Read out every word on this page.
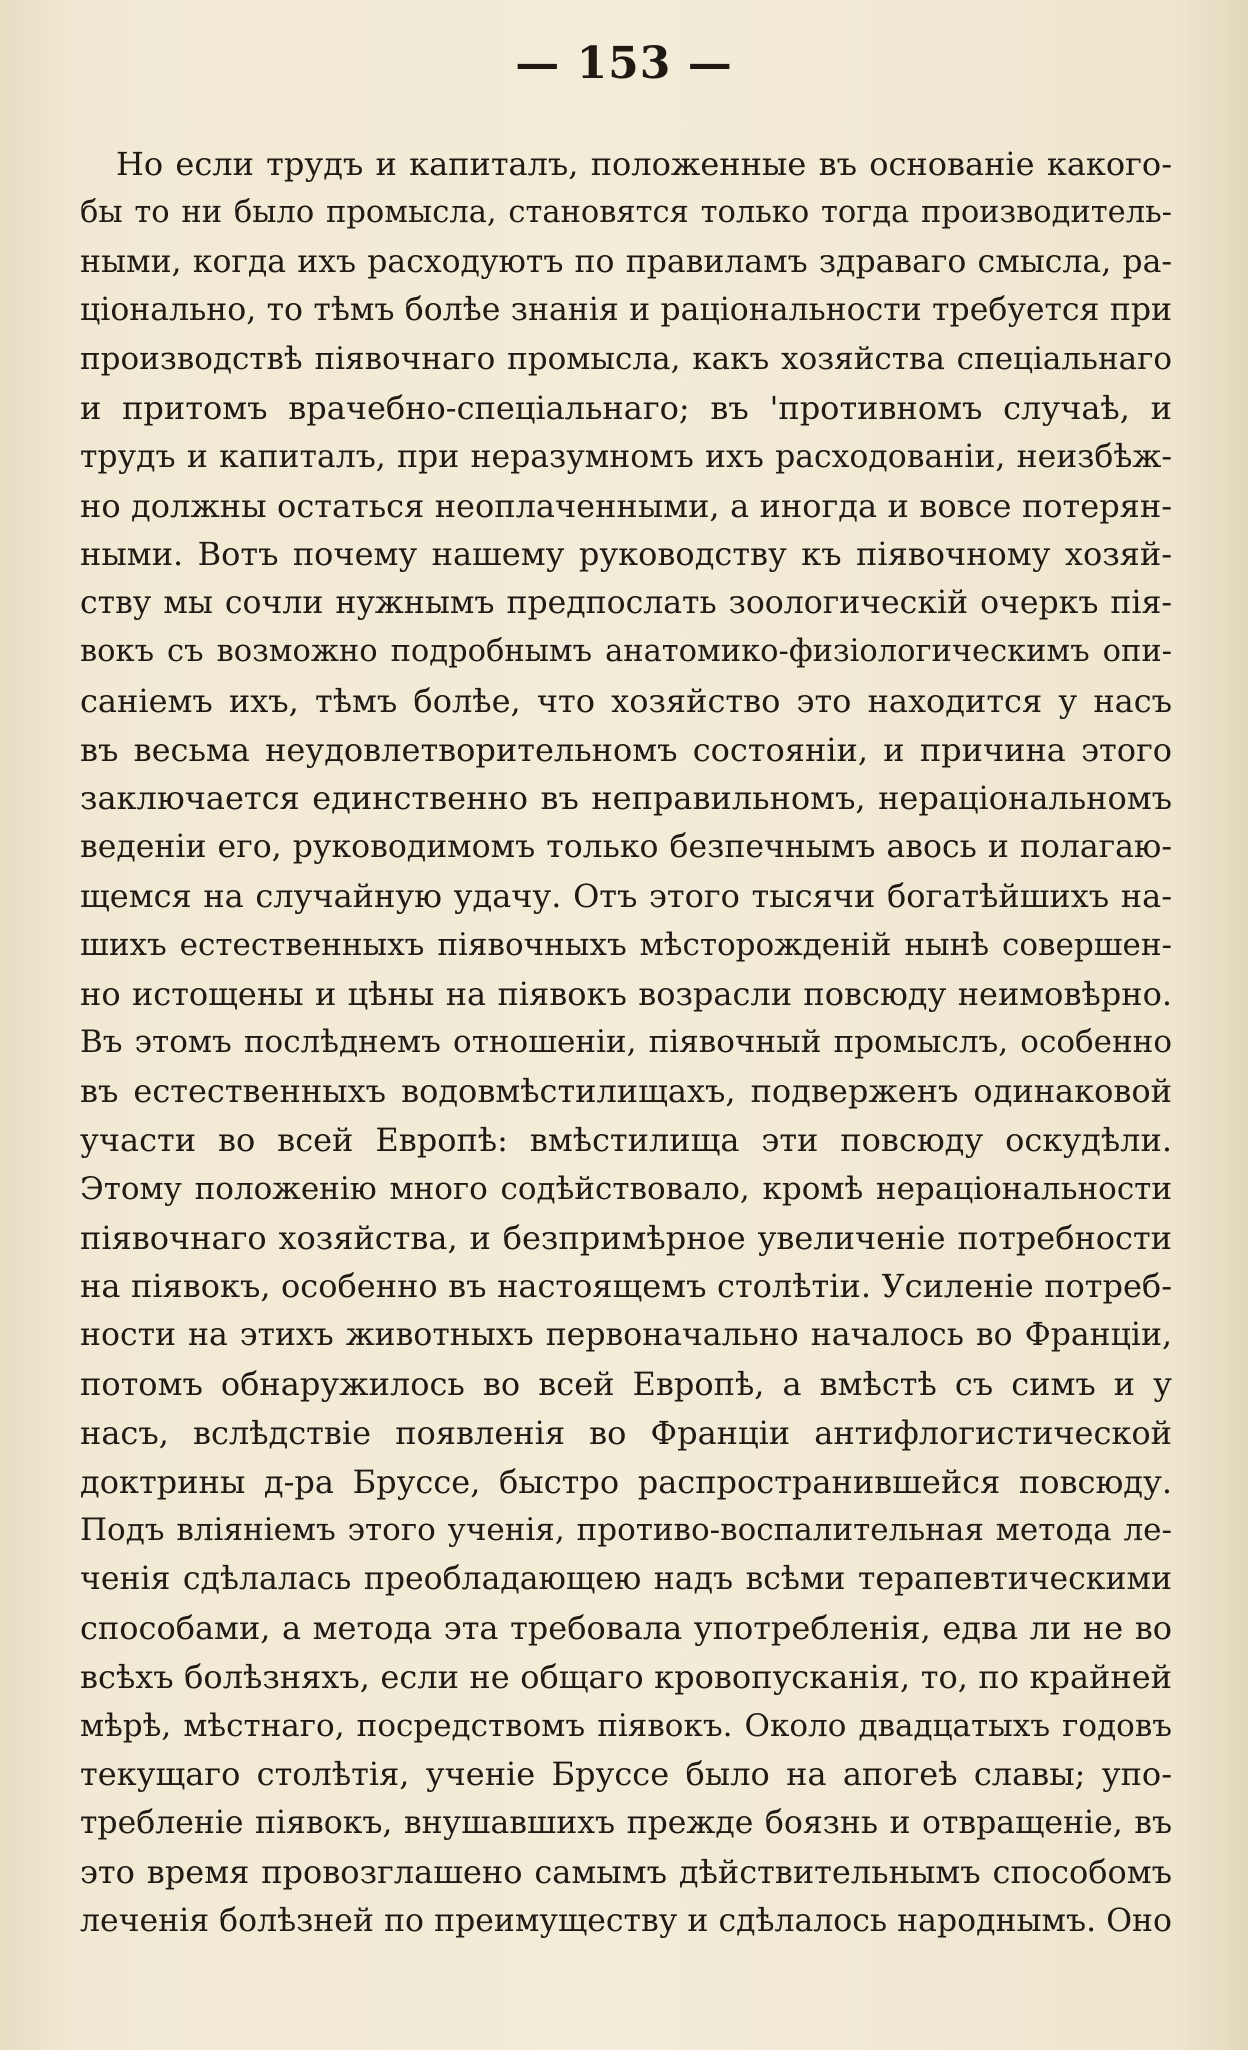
— 153 —
Но если трудъ и капиталъ, положенные въ основаніе какого-
бы то ни было промысла, становятся только тогда производитель-
ными, когда ихъ расходуютъ по правиламъ здраваго смысла, ра-
ціонально, то тѣмъ болѣе знанія и раціональности требуется при
производствѣ піявочнаго промысла, какъ хозяйства спеціальнаго
и притомъ врачебно-спеціальнаго; въ 'противномъ случаѣ, и
трудъ и капиталъ, при неразумномъ ихъ расходованіи, неизбѣж-
но должны остаться неоплаченными, а иногда и вовсе потерян-
ными. Вотъ почему нашему руководству къ піявочному хозяй-
ству мы сочли нужнымъ предпослать зоологическій очеркъ пія-
вокъ съ возможно подробнымъ анатомико-физіологическимъ опи-
саніемъ ихъ, тѣмъ болѣе, что хозяйство это находится у насъ
въ весьма неудовлетворительномъ состояніи, и причина этого
заключается единственно въ неправильномъ, нераціональномъ
веденіи его, руководимомъ только безпечнымъ авось и полагаю-
щемся на случайную удачу. Отъ этого тысячи богатѣйшихъ на-
шихъ естественныхъ піявочныхъ мѣсторожденій нынѣ совершен-
но истощены и цѣны на піявокъ возрасли повсюду неимовѣрно.
Въ этомъ послѣднемъ отношеніи, піявочный промыслъ, особенно
въ естественныхъ водовмѣстилищахъ, подверженъ одинаковой
участи во всей Европѣ: вмѣстилища эти повсюду оскудѣли.
Этому положенію много содѣйствовало, кромѣ нераціональности
піявочнаго хозяйства, и безпримѣрное увеличеніе потребности
на піявокъ, особенно въ настоящемъ столѣтіи. Усиленіе потреб-
ности на этихъ животныхъ первоначально началось во Франціи,
потомъ обнаружилось во всей Европѣ, а вмѣстѣ съ симъ и у
насъ, вслѣдствіе появленія во Франціи антифлогистической
доктрины д-ра Бруссе, быстро распространившейся повсюду.
Подъ вліяніемъ этого ученія, противо-воспалительная метода ле-
ченія сдѣлалась преобладающею надъ всѣми терапевтическими
способами, а метода эта требовала употребленія, едва ли не во
всѣхъ болѣзняхъ, если не общаго кровопусканія, то, по крайней
мѣрѣ, мѣстнаго, посредствомъ піявокъ. Около двадцатыхъ годовъ
текущаго столѣтія, ученіе Бруссе было на апогеѣ славы; упо-
требленіе піявокъ, внушавшихъ прежде боязнь и отвращеніе, въ
это время провозглашено самымъ дѣйствительнымъ способомъ
леченія болѣзней по преимуществу и сдѣлалось народнымъ. Оно
